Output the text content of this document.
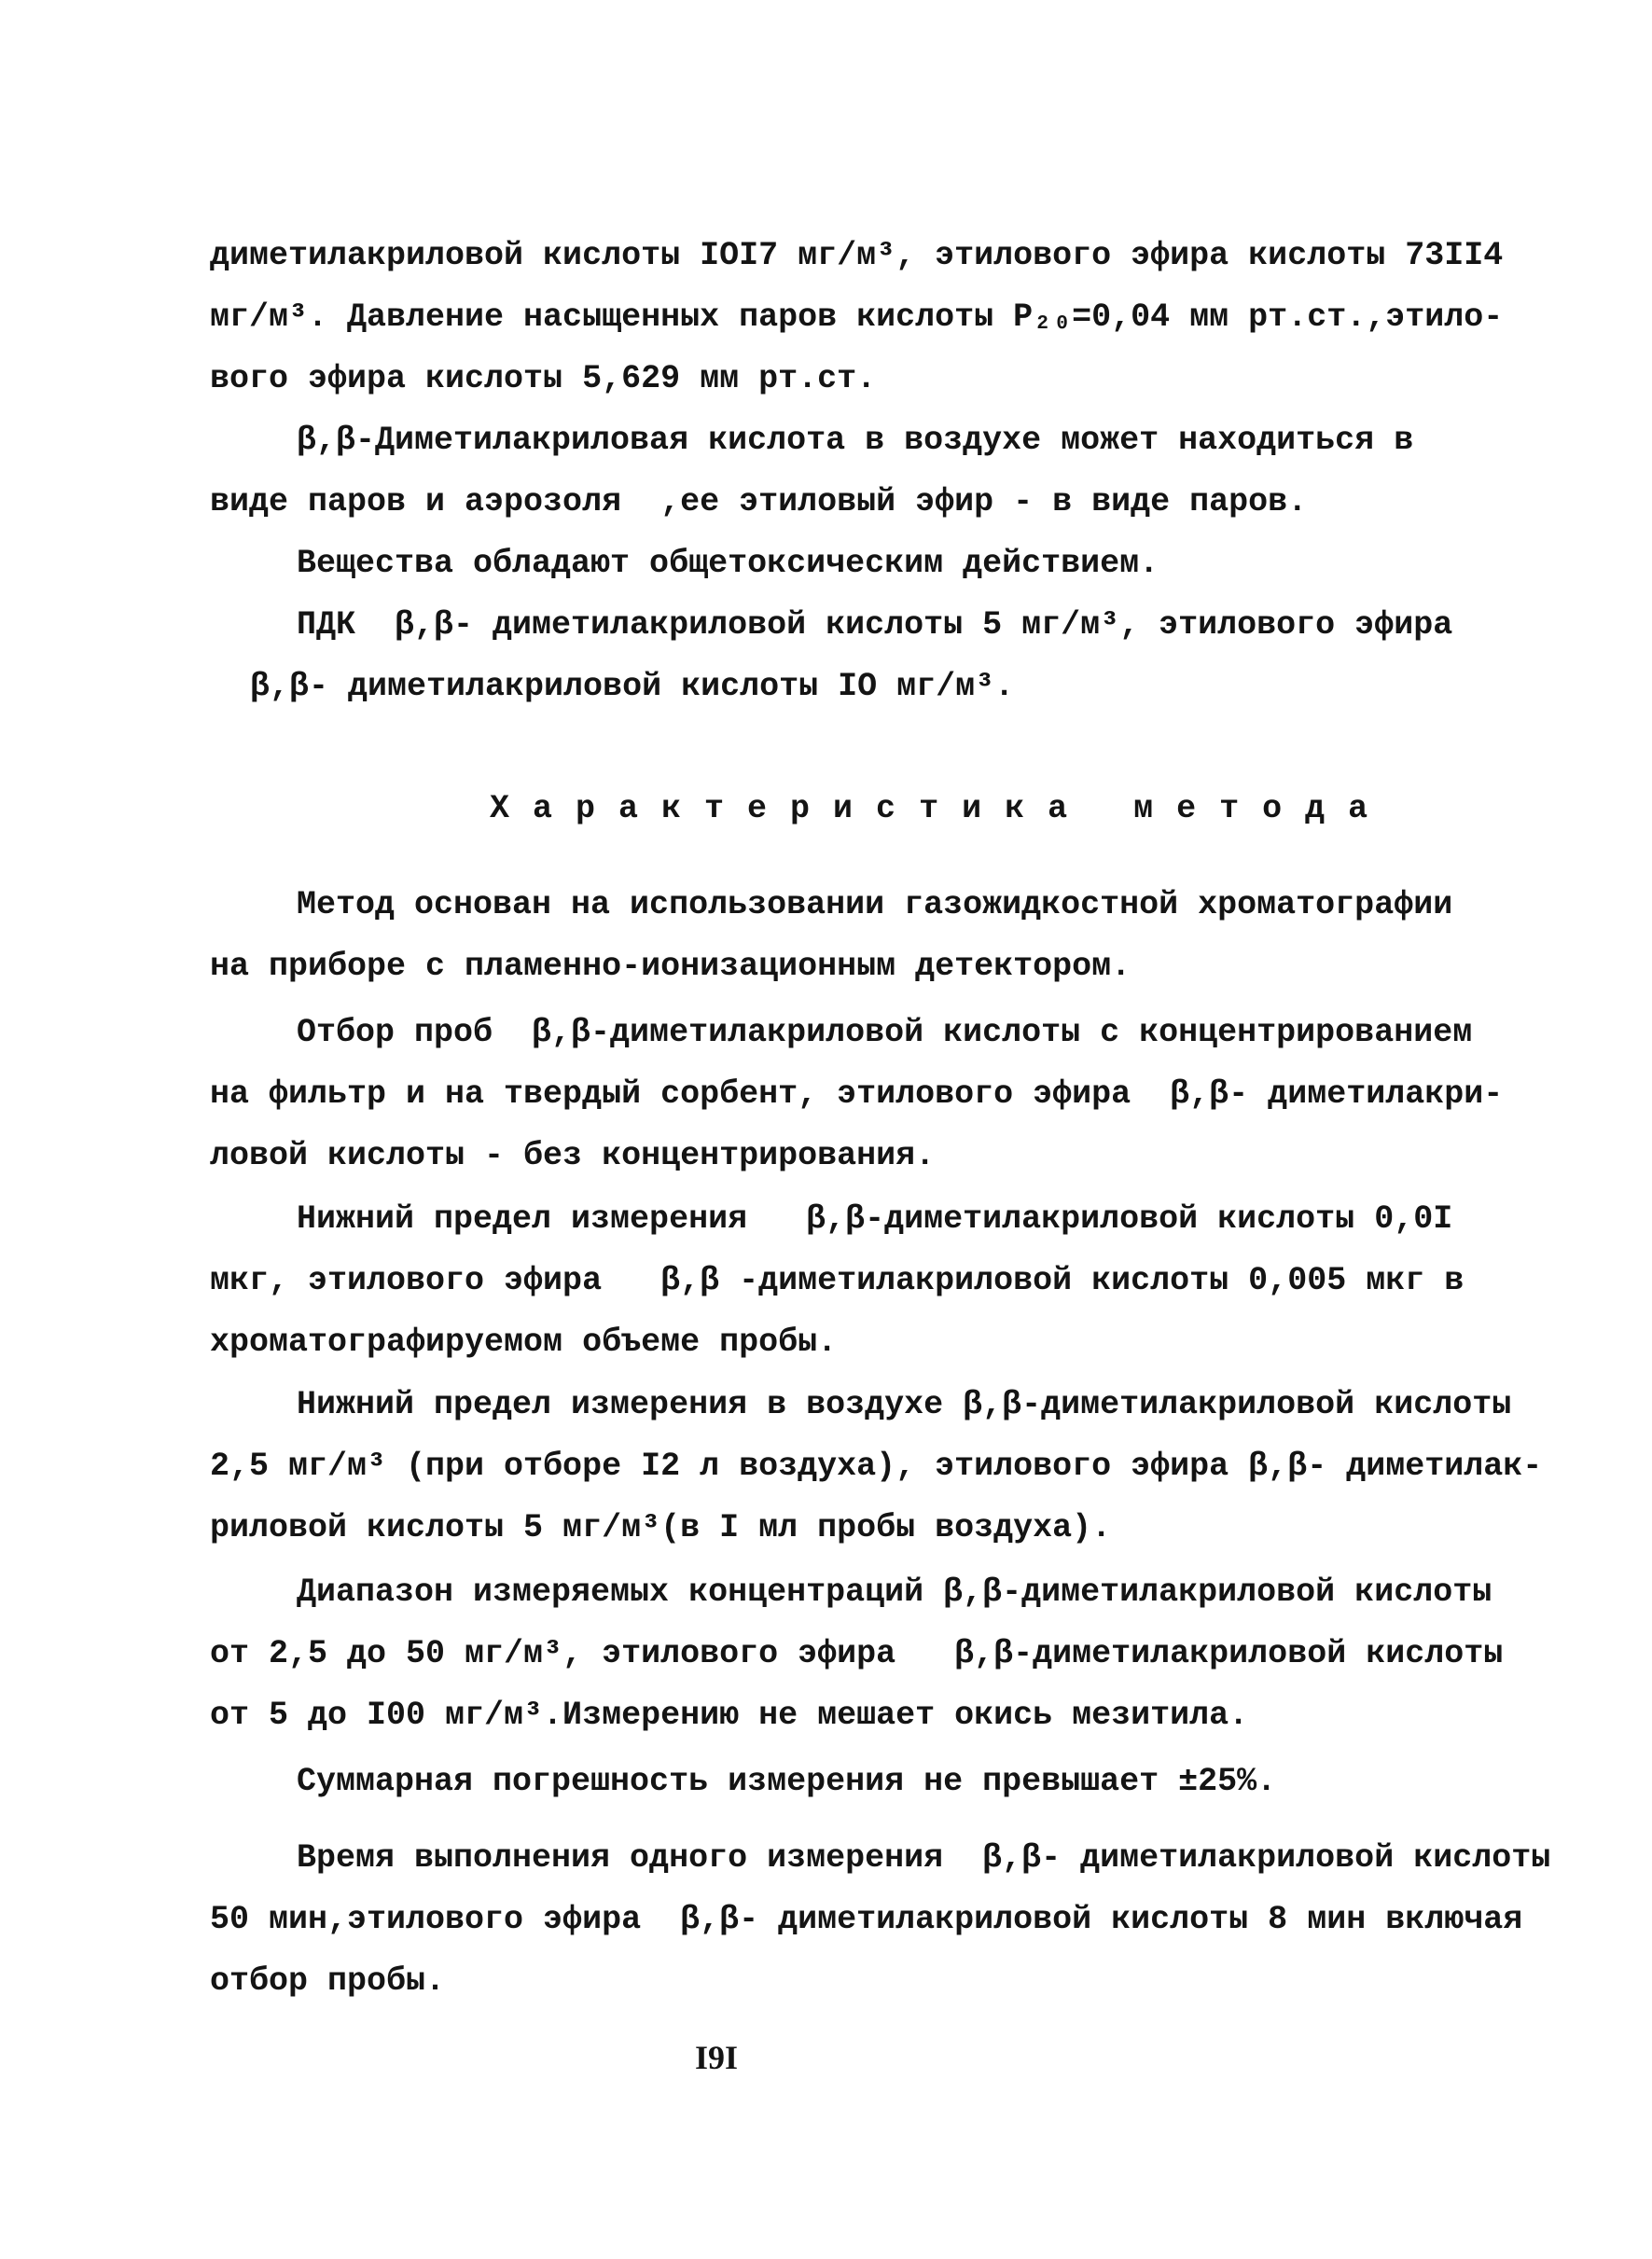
диметилакриловой кислоты IOI7 мг/м³, этилового эфира кислоты 73II4
мг/м³. Давление насыщенных паров кислоты P₂₀=0,04 мм рт.ст.,этило-
вого эфира кислоты 5,629 мм рт.ст.
β,β-Диметилакриловая кислота в воздухе может находиться в
виде паров и аэрозоля  ,ее этиловый эфир - в виде паров.
Вещества обладают общетоксическим действием.
ПДК  β,β- диметилакриловой кислоты 5 мг/м³, этилового эфира
β,β- диметилакриловой кислоты IO мг/м³.
Х а р а к т е р и с т и к а   м е т о д а
Метод основан на использовании газожидкостной хроматографии
на приборе с пламенно-ионизационным детектором.
Отбор проб  β,β-диметилакриловой кислоты с концентрированием
на фильтр и на твердый сорбент, этилового эфира  β,β- диметилакри-
ловой кислоты - без концентрирования.
Нижний предел измерения   β,β-диметилакриловой кислоты 0,0I
мкг, этилового эфира   β,β -диметилакриловой кислоты 0,005 мкг в
хроматографируемом объеме пробы.
Нижний предел измерения в воздухе β,β-диметилакриловой кислоты
2,5 мг/м³ (при отборе I2 л воздуха), этилового эфира β,β- диметилак-
риловой кислоты 5 мг/м³(в I мл пробы воздуха).
Диапазон измеряемых концентраций β,β-диметилакриловой кислоты
от 2,5 до 50 мг/м³, этилового эфира   β,β-диметилакриловой кислоты
от 5 до I00 мг/м³.Измерению не мешает окись мезитила.
Суммарная погрешность измерения не превышает ±25%.
Время выполнения одного измерения  β,β- диметилакриловой кислоты
50 мин,этилового эфира  β,β- диметилакриловой кислоты 8 мин включая
отбор пробы.
I9I
